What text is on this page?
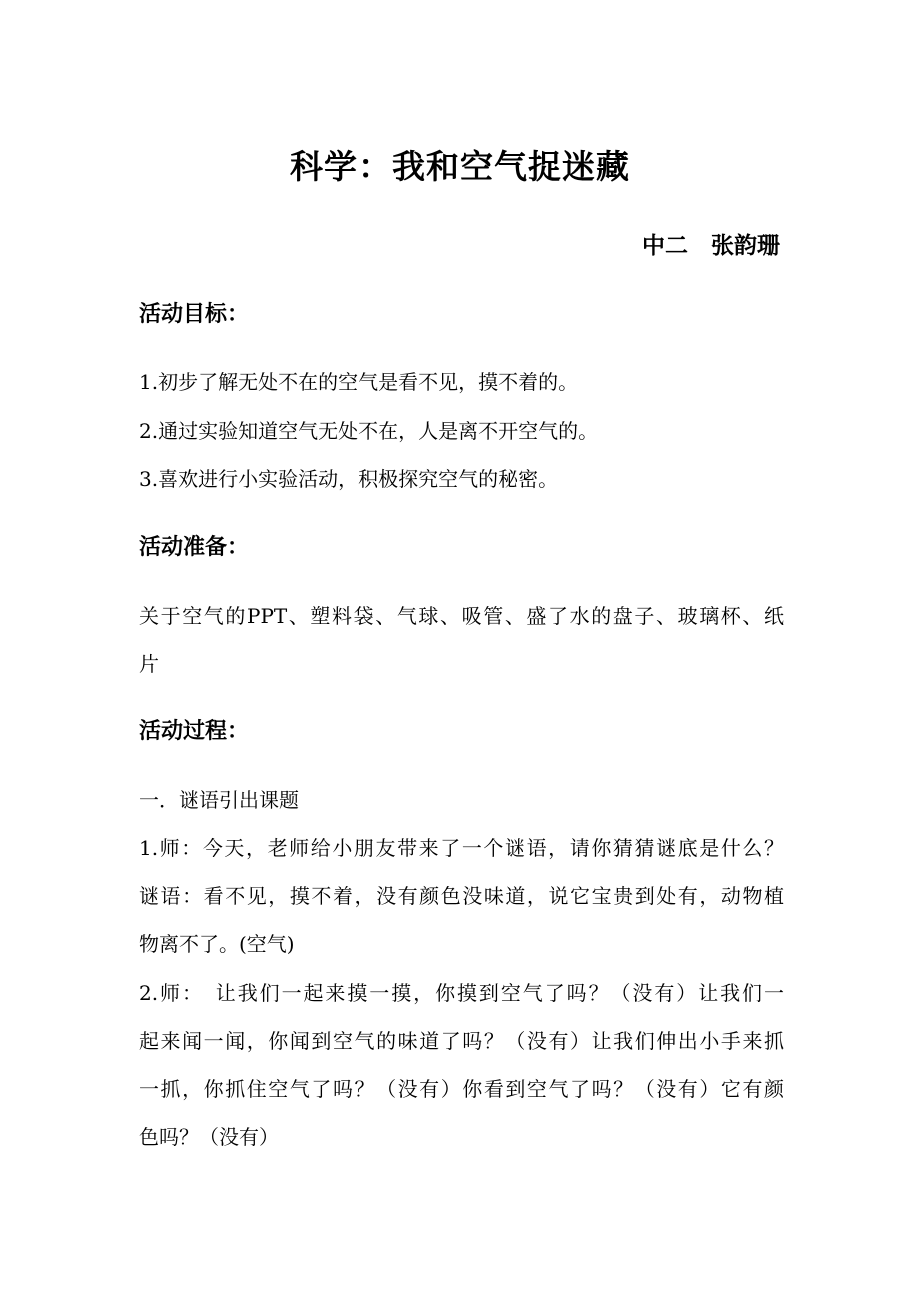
科学：我和空气捉迷藏
中二　张韵珊
活动目标：
1.初步了解无处不在的空气是看不见，摸不着的。
2.通过实验知道空气无处不在，人是离不开空气的。
3.喜欢进行小实验活动，积极探究空气的秘密。
活动准备：
关于空气的PPT、塑料袋、气球、吸管、盛了水的盘子、玻璃杯、纸
片
活动过程：
一．谜语引出课题
1.师：今天，老师给小朋友带来了一个谜语，请你猜猜谜底是什么？
谜语：看不见，摸不着，没有颜色没味道，说它宝贵到处有，动物植
物离不了。(空气)
2.师：　让我们一起来摸一摸，你摸到空气了吗？（没有）让我们一
起来闻一闻，你闻到空气的味道了吗？（没有）让我们伸出小手来抓
一抓，你抓住空气了吗？（没有）你看到空气了吗？（没有）它有颜
色吗？（没有）
